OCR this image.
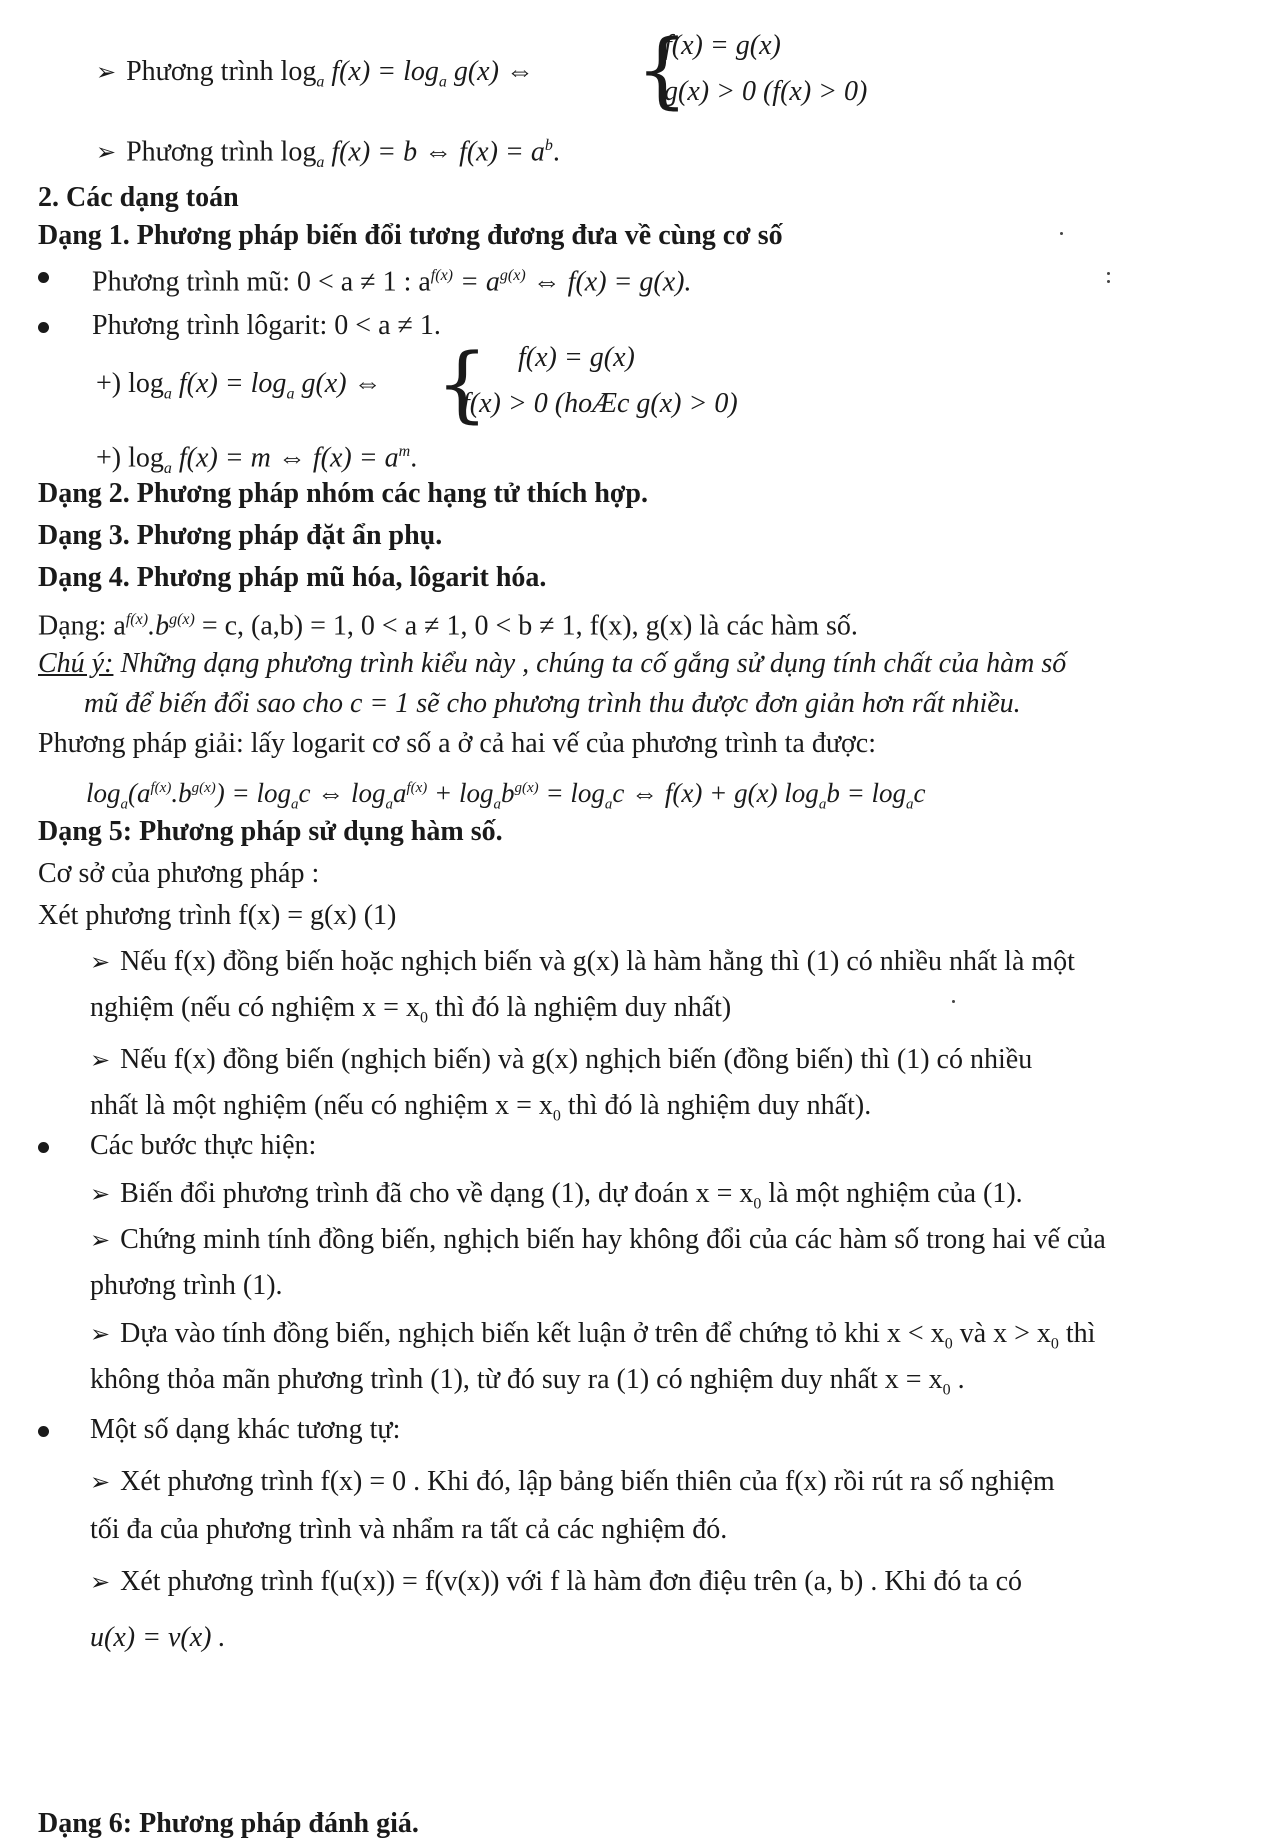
➢ Phương trình $\log_a f(x) = \log_a g(x)$ ⇔ {
f(x) = g(x)
g(x) > 0 (f(x) > 0)
➢ Phương trình $\log_a f(x) = b$ ⇔ $f(x) = a^b$.
2. Các dạng toán
Dạng 1. Phương pháp biến đổi tương đương đưa về cùng cơ số
Phương trình mũ: 0 < a ≠ 1 : $a^{f(x)} = a^{g(x)}$ ⇔ f(x) = g(x).
Phương trình lôgarit: 0 < a ≠ 1.
+) $\log_a f(x) = \log_a g(x)$ ⇔ { f(x) = g(x)
f(x) > 0 (hoÆc g(x) > 0)
+) $\log_a f(x) = m$ ⇔ $f(x) = a^m$.
Dạng 2. Phương pháp nhóm các hạng tử thích hợp.
Dạng 3. Phương pháp đặt ẩn phụ.
Dạng 4. Phương pháp mũ hóa, lôgarit hóa.
Dạng: $a^{f(x)}.b^{g(x)} = c$, (a,b) = 1, 0 < a ≠ 1, 0 < b ≠ 1, f(x), g(x) là các hàm số.
Chú ý: Những dạng phương trình kiểu này , chúng ta cố gắng sử dụng tính chất của hàm số
mũ để biến đổi sao cho c = 1 sẽ cho phương trình thu được đơn giản hơn rất nhiều.
Phương pháp giải: lấy logarit cơ số a ở cả hai vế của phương trình ta được:
$\log_a(a^{f(x)}.b^{g(x)}) = \log_ac$ ⇔ $\log_aa^{f(x)} + \log_ab^{g(x)} = \log_ac$ ⇔ f(x) + g(x) $\log_ab = \log_ac$
Dạng 5: Phương pháp sử dụng hàm số.
Cơ sở của phương pháp :
Xét phương trình f(x) = g(x) (1)
➢ Nếu f(x) đồng biến hoặc nghịch biến và g(x) là hàm hằng thì (1) có nhiều nhất là một
nghiệm (nếu có nghiệm $x = x_0$ thì đó là nghiệm duy nhất)
➢ Nếu f(x) đồng biến (nghịch biến) và g(x) nghịch biến (đồng biến) thì (1) có nhiều
nhất là một nghiệm (nếu có nghiệm $x = x_0$ thì đó là nghiệm duy nhất).
Các bước thực hiện:
➢ Biến đổi phương trình đã cho về dạng (1), dự đoán $x = x_0$ là một nghiệm của (1).
➢ Chứng minh tính đồng biến, nghịch biến hay không đổi của các hàm số trong hai vế của
phương trình (1).
➢ Dựa vào tính đồng biến, nghịch biến kết luận ở trên để chứng tỏ khi $x < x_0$ và $x > x_0$ thì
không thỏa mãn phương trình (1), từ đó suy ra (1) có nghiệm duy nhất $x = x_0$ .
Một số dạng khác tương tự:
➢ Xét phương trình f(x) = 0 . Khi đó, lập bảng biến thiên của f(x) rồi rút ra số nghiệm
tối đa của phương trình và nhẩm ra tất cả các nghiệm đó.
➢ Xét phương trình f(u(x)) = f(v(x)) với f là hàm đơn điệu trên (a, b) . Khi đó ta có
u(x) = v(x) .
Dạng 6: Phương pháp đánh giá.
